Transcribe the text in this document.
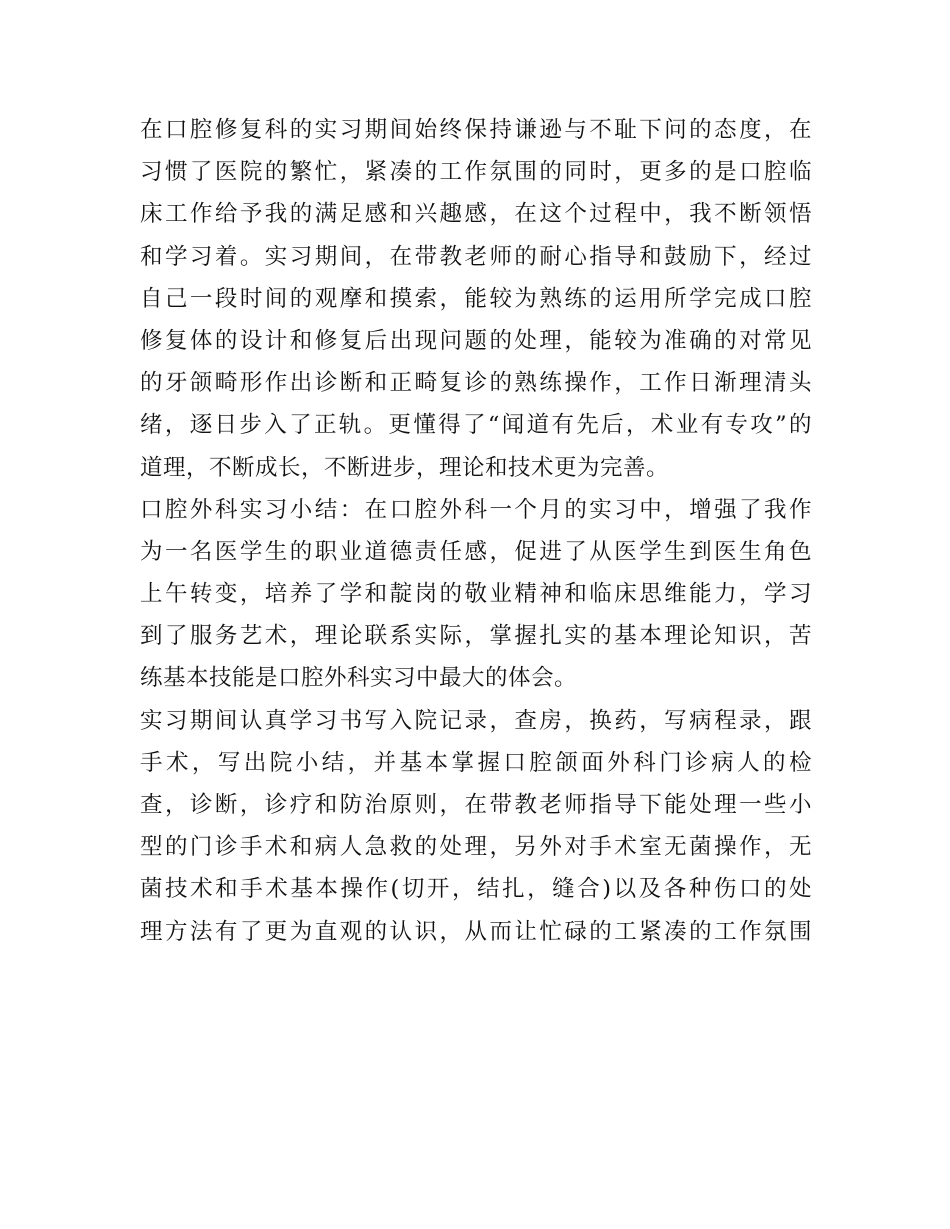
在口腔修复科的实习期间始终保持谦逊与不耻下问的态度，在
习惯了医院的繁忙，紧凑的工作氛围的同时，更多的是口腔临
床工作给予我的满足感和兴趣感，在这个过程中，我不断领悟
和学习着。实习期间，在带教老师的耐心指导和鼓励下，经过
自己一段时间的观摩和摸索，能较为熟练的运用所学完成口腔
修复体的设计和修复后出现问题的处理，能较为准确的对常见
的牙颌畸形作出诊断和正畸复诊的熟练操作，工作日渐理清头
绪，逐日步入了正轨。更懂得了“闻道有先后，术业有专攻”的
道理，不断成长，不断进步，理论和技术更为完善。
口腔外科实习小结：在口腔外科一个月的实习中，增强了我作
为一名医学生的职业道德责任感，促进了从医学生到医生角色
上午转变，培养了学和靛岗的敬业精神和临床思维能力，学习
到了服务艺术，理论联系实际，掌握扎实的基本理论知识，苦
练基本技能是口腔外科实习中最大的体会。
实习期间认真学习书写入院记录，查房，换药，写病程录，跟
手术，写出院小结，并基本掌握口腔颌面外科门诊病人的检
查，诊断，诊疗和防治原则，在带教老师指导下能处理一些小
型的门诊手术和病人急救的处理，另外对手术室无菌操作，无
菌技术和手术基本操作(切开，结扎，缝合)以及各种伤口的处
理方法有了更为直观的认识，从而让忙碌的工紧凑的工作氛围
